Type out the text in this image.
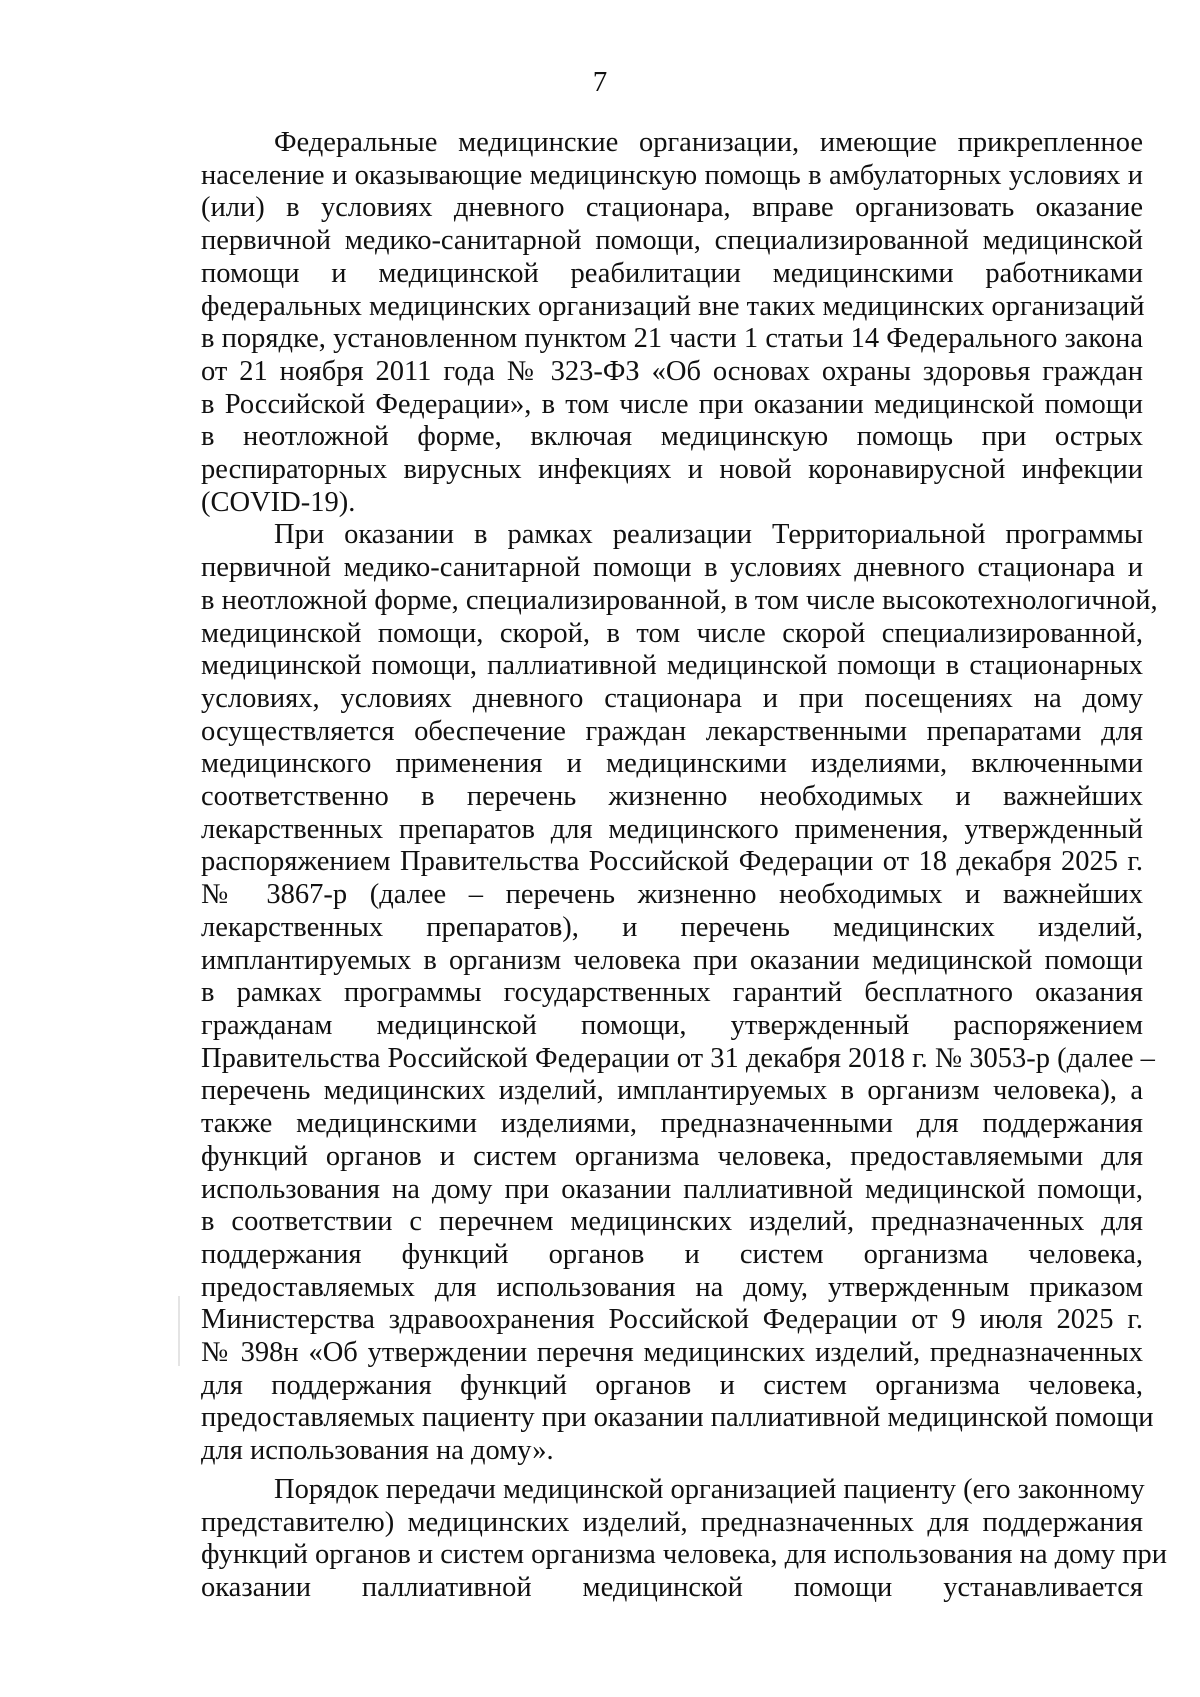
7
Федеральные медицинские организации, имеющие прикрепленное
население и оказывающие медицинскую помощь в амбулаторных условиях и
(или) в условиях дневного стационара, вправе организовать оказание
первичной медико-санитарной помощи, специализированной медицинской
помощи и медицинской реабилитации медицинскими работниками
федеральных медицинских организаций вне таких медицинских организаций
в порядке, установленном пунктом 21 части 1 статьи 14 Федерального закона
от 21 ноября 2011 года № 323-ФЗ «Об основах охраны здоровья граждан
в Российской Федерации», в том числе при оказании медицинской помощи
в неотложной форме, включая медицинскую помощь при острых
респираторных вирусных инфекциях и новой коронавирусной инфекции
(COVID-19).
При оказании в рамках реализации Территориальной программы
первичной медико-санитарной помощи в условиях дневного стационара и
в неотложной форме, специализированной, в том числе высокотехнологичной,
медицинской помощи, скорой, в том числе скорой специализированной,
медицинской помощи, паллиативной медицинской помощи в стационарных
условиях, условиях дневного стационара и при посещениях на дому
осуществляется обеспечение граждан лекарственными препаратами для
медицинского применения и медицинскими изделиями, включенными
соответственно в перечень жизненно необходимых и важнейших
лекарственных препаратов для медицинского применения, утвержденный
распоряжением Правительства Российской Федерации от 18 декабря 2025 г.
№ 3867-р (далее – перечень жизненно необходимых и важнейших
лекарственных препаратов), и перечень медицинских изделий,
имплантируемых в организм человека при оказании медицинской помощи
в рамках программы государственных гарантий бесплатного оказания
гражданам медицинской помощи, утвержденный распоряжением
Правительства Российской Федерации от 31 декабря 2018 г. № 3053-р (далее –
перечень медицинских изделий, имплантируемых в организм человека), а
также медицинскими изделиями, предназначенными для поддержания
функций органов и систем организма человека, предоставляемыми для
использования на дому при оказании паллиативной медицинской помощи,
в соответствии с перечнем медицинских изделий, предназначенных для
поддержания функций органов и систем организма человека,
предоставляемых для использования на дому, утвержденным приказом
Министерства здравоохранения Российской Федерации от 9 июля 2025 г.
№ 398н «Об утверждении перечня медицинских изделий, предназначенных
для поддержания функций органов и систем организма человека,
предоставляемых пациенту при оказании паллиативной медицинской помощи
для использования на дому».
Порядок передачи медицинской организацией пациенту (его законному
представителю) медицинских изделий, предназначенных для поддержания
функций органов и систем организма человека, для использования на дому при
оказании паллиативной медицинской помощи устанавливается
